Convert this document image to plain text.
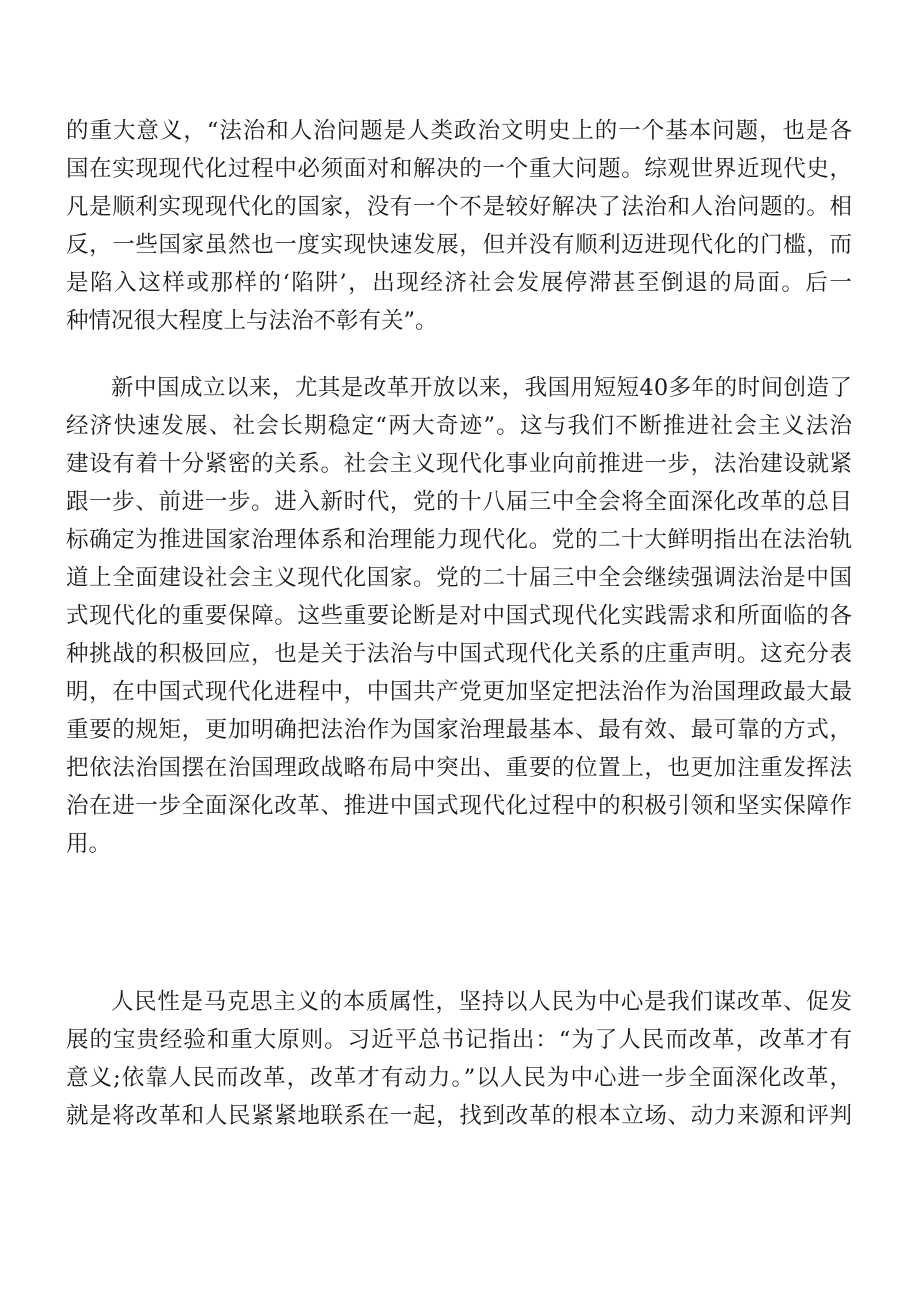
的重大意义，“法治和人治问题是人类政治文明史上的一个基本问题，也是各
国在实现现代化过程中必须面对和解决的一个重大问题。综观世界近现代史，
凡是顺利实现现代化的国家，没有一个不是较好解决了法治和人治问题的。相
反，一些国家虽然也一度实现快速发展，但并没有顺利迈进现代化的门槛，而
是陷入这样或那样的‘陷阱’，出现经济社会发展停滞甚至倒退的局面。后一
种情况很大程度上与法治不彰有关”。
新中国成立以来，尤其是改革开放以来，我国用短短40多年的时间创造了
经济快速发展、社会长期稳定“两大奇迹”。这与我们不断推进社会主义法治
建设有着十分紧密的关系。社会主义现代化事业向前推进一步，法治建设就紧
跟一步、前进一步。进入新时代，党的十八届三中全会将全面深化改革的总目
标确定为推进国家治理体系和治理能力现代化。党的二十大鲜明指出在法治轨
道上全面建设社会主义现代化国家。党的二十届三中全会继续强调法治是中国
式现代化的重要保障。这些重要论断是对中国式现代化实践需求和所面临的各
种挑战的积极回应，也是关于法治与中国式现代化关系的庄重声明。这充分表
明，在中国式现代化进程中，中国共产党更加坚定把法治作为治国理政最大最
重要的规矩，更加明确把法治作为国家治理最基本、最有效、最可靠的方式，
把依法治国摆在治国理政战略布局中突出、重要的位置上，也更加注重发挥法
治在进一步全面深化改革、推进中国式现代化过程中的积极引领和坚实保障作
用。
人民性是马克思主义的本质属性，坚持以人民为中心是我们谋改革、促发
展的宝贵经验和重大原则。习近平总书记指出：“为了人民而改革，改革才有
意义;依靠人民而改革，改革才有动力。”以人民为中心进一步全面深化改革，
就是将改革和人民紧紧地联系在一起，找到改革的根本立场、动力来源和评判
